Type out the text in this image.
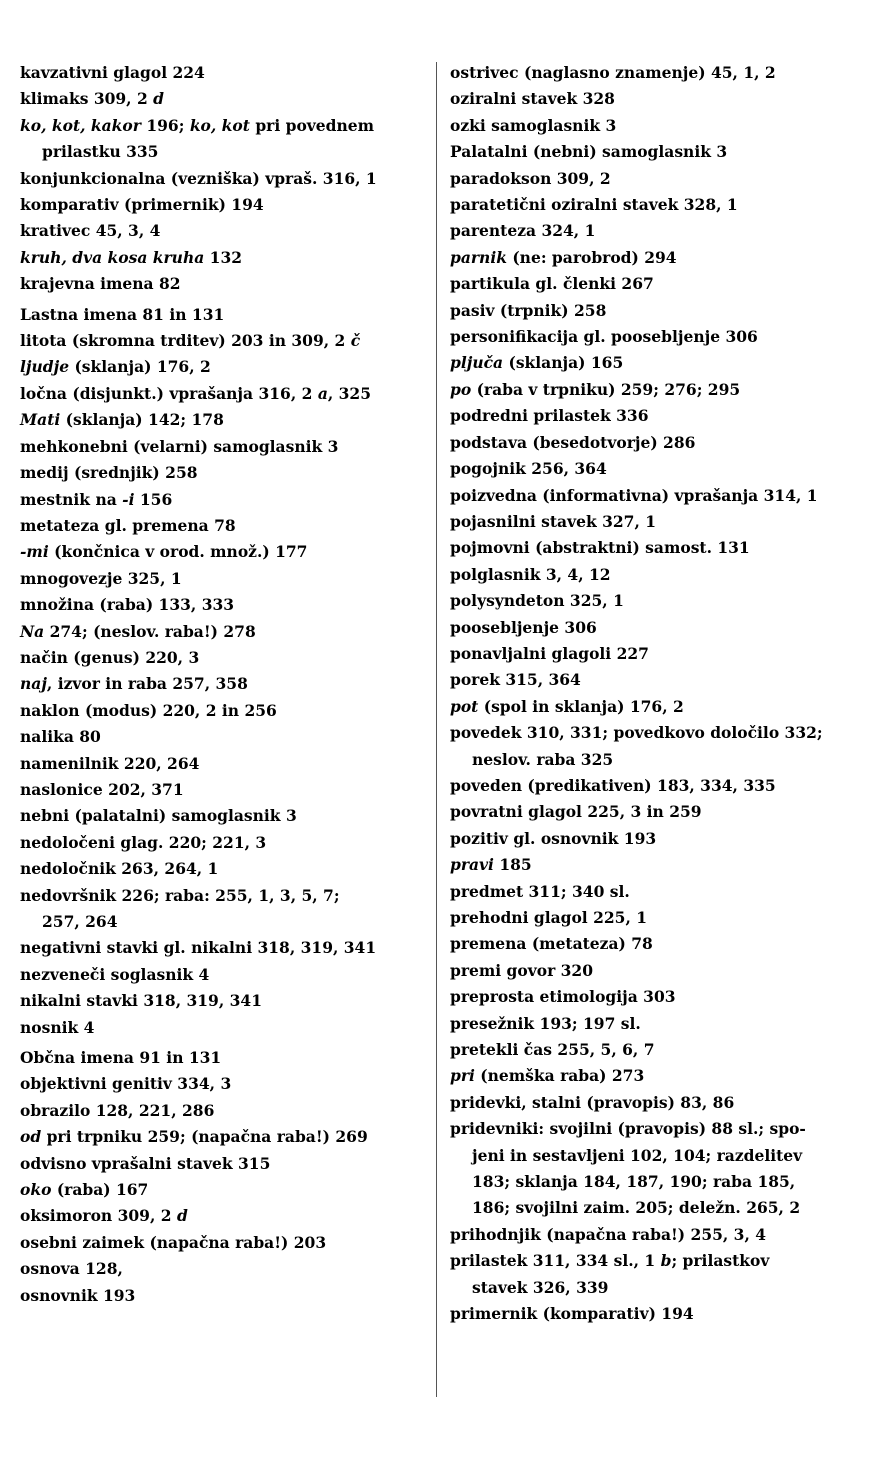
kavzativni glagol 224
klimaks 309, 2 d
ko, kot, kakor 196; ko, kot pri povednem
prilastku 335
konjunkcionalna (vezniška) vpraš. 316, 1
komparativ (primernik) 194
krativec 45, 3, 4
kruh, dva kosa kruha 132
krajevna imena 82
Lastna imena 81 in 131
litota (skromna trditev) 203 in 309, 2 č
ljudje (sklanja) 176, 2
ločna (disjunkt.) vprašanja 316, 2 a, 325
Mati (sklanja) 142; 178
mehkonebni (velarni) samoglasnik 3
medij (srednjik) 258
mestnik na -i 156
metateza gl. premena 78
-mi (končnica v orod. množ.) 177
mnogovezje 325, 1
množina (raba) 133, 333
Na 274; (neslov. raba!) 278
način (genus) 220, 3
naj, izvor in raba 257, 358
naklon (modus) 220, 2 in 256
nalika 80
namenilnik 220, 264
naslonice 202, 371
nebni (palatalni) samoglasnik 3
nedoločeni glag. 220; 221, 3
nedoločnik 263, 264, 1
nedovršnik 226; raba: 255, 1, 3, 5, 7;
257, 264
negativni stavki gl. nikalni 318, 319, 341
nezveneči soglasnik 4
nikalni stavki 318, 319, 341
nosnik 4
Občna imena 91 in 131
objektivni genitiv 334, 3
obrazilo 128, 221, 286
od pri trpniku 259; (napačna raba!) 269
odvisno vprašalni stavek 315
oko (raba) 167
oksimoron 309, 2 d
osebni zaimek (napačna raba!) 203
osnova 128,
osnovnik 193
ostrivec (naglasno znamenje) 45, 1, 2
oziralni stavek 328
ozki samoglasnik 3
Palatalni (nebni) samoglasnik 3
paradokson 309, 2
paratetični oziralni stavek 328, 1
parenteza 324, 1
parnik (ne: parobrod) 294
partikula gl. členki 267
pasiv (trpnik) 258
personifikacija gl. poosebljenje 306
pljuča (sklanja) 165
po (raba v trpniku) 259; 276; 295
podredni prilastek 336
podstava (besedotvorje) 286
pogojnik 256, 364
poizvedna (informativna) vprašanja 314, 1
pojasnilni stavek 327, 1
pojmovni (abstraktni) samost. 131
polglasnik 3, 4, 12
polysyndeton 325, 1
poosebljenje 306
ponavljalni glagoli 227
porek 315, 364
pot (spol in sklanja) 176, 2
povedek 310, 331; povedkovo določilo 332;
neslov. raba 325
poveden (predikativen) 183, 334, 335
povratni glagol 225, 3 in 259
pozitiv gl. osnovnik 193
pravi 185
predmet 311; 340 sl.
prehodni glagol 225, 1
premena (metateza) 78
premi govor 320
preprosta etimologija 303
presežnik 193; 197 sl.
pretekli čas 255, 5, 6, 7
pri (nemška raba) 273
pridevki, stalni (pravopis) 83, 86
pridevniki: svojilni (pravopis) 88 sl.; spo-
jeni in sestavljeni 102, 104; razdelitev
183; sklanja 184, 187, 190; raba 185,
186; svojilni zaim. 205; deležn. 265, 2
prihodnjik (napačna raba!) 255, 3, 4
prilastek 311, 334 sl., 1 b; prilastkov
stavek 326, 339
primernik (komparativ) 194
